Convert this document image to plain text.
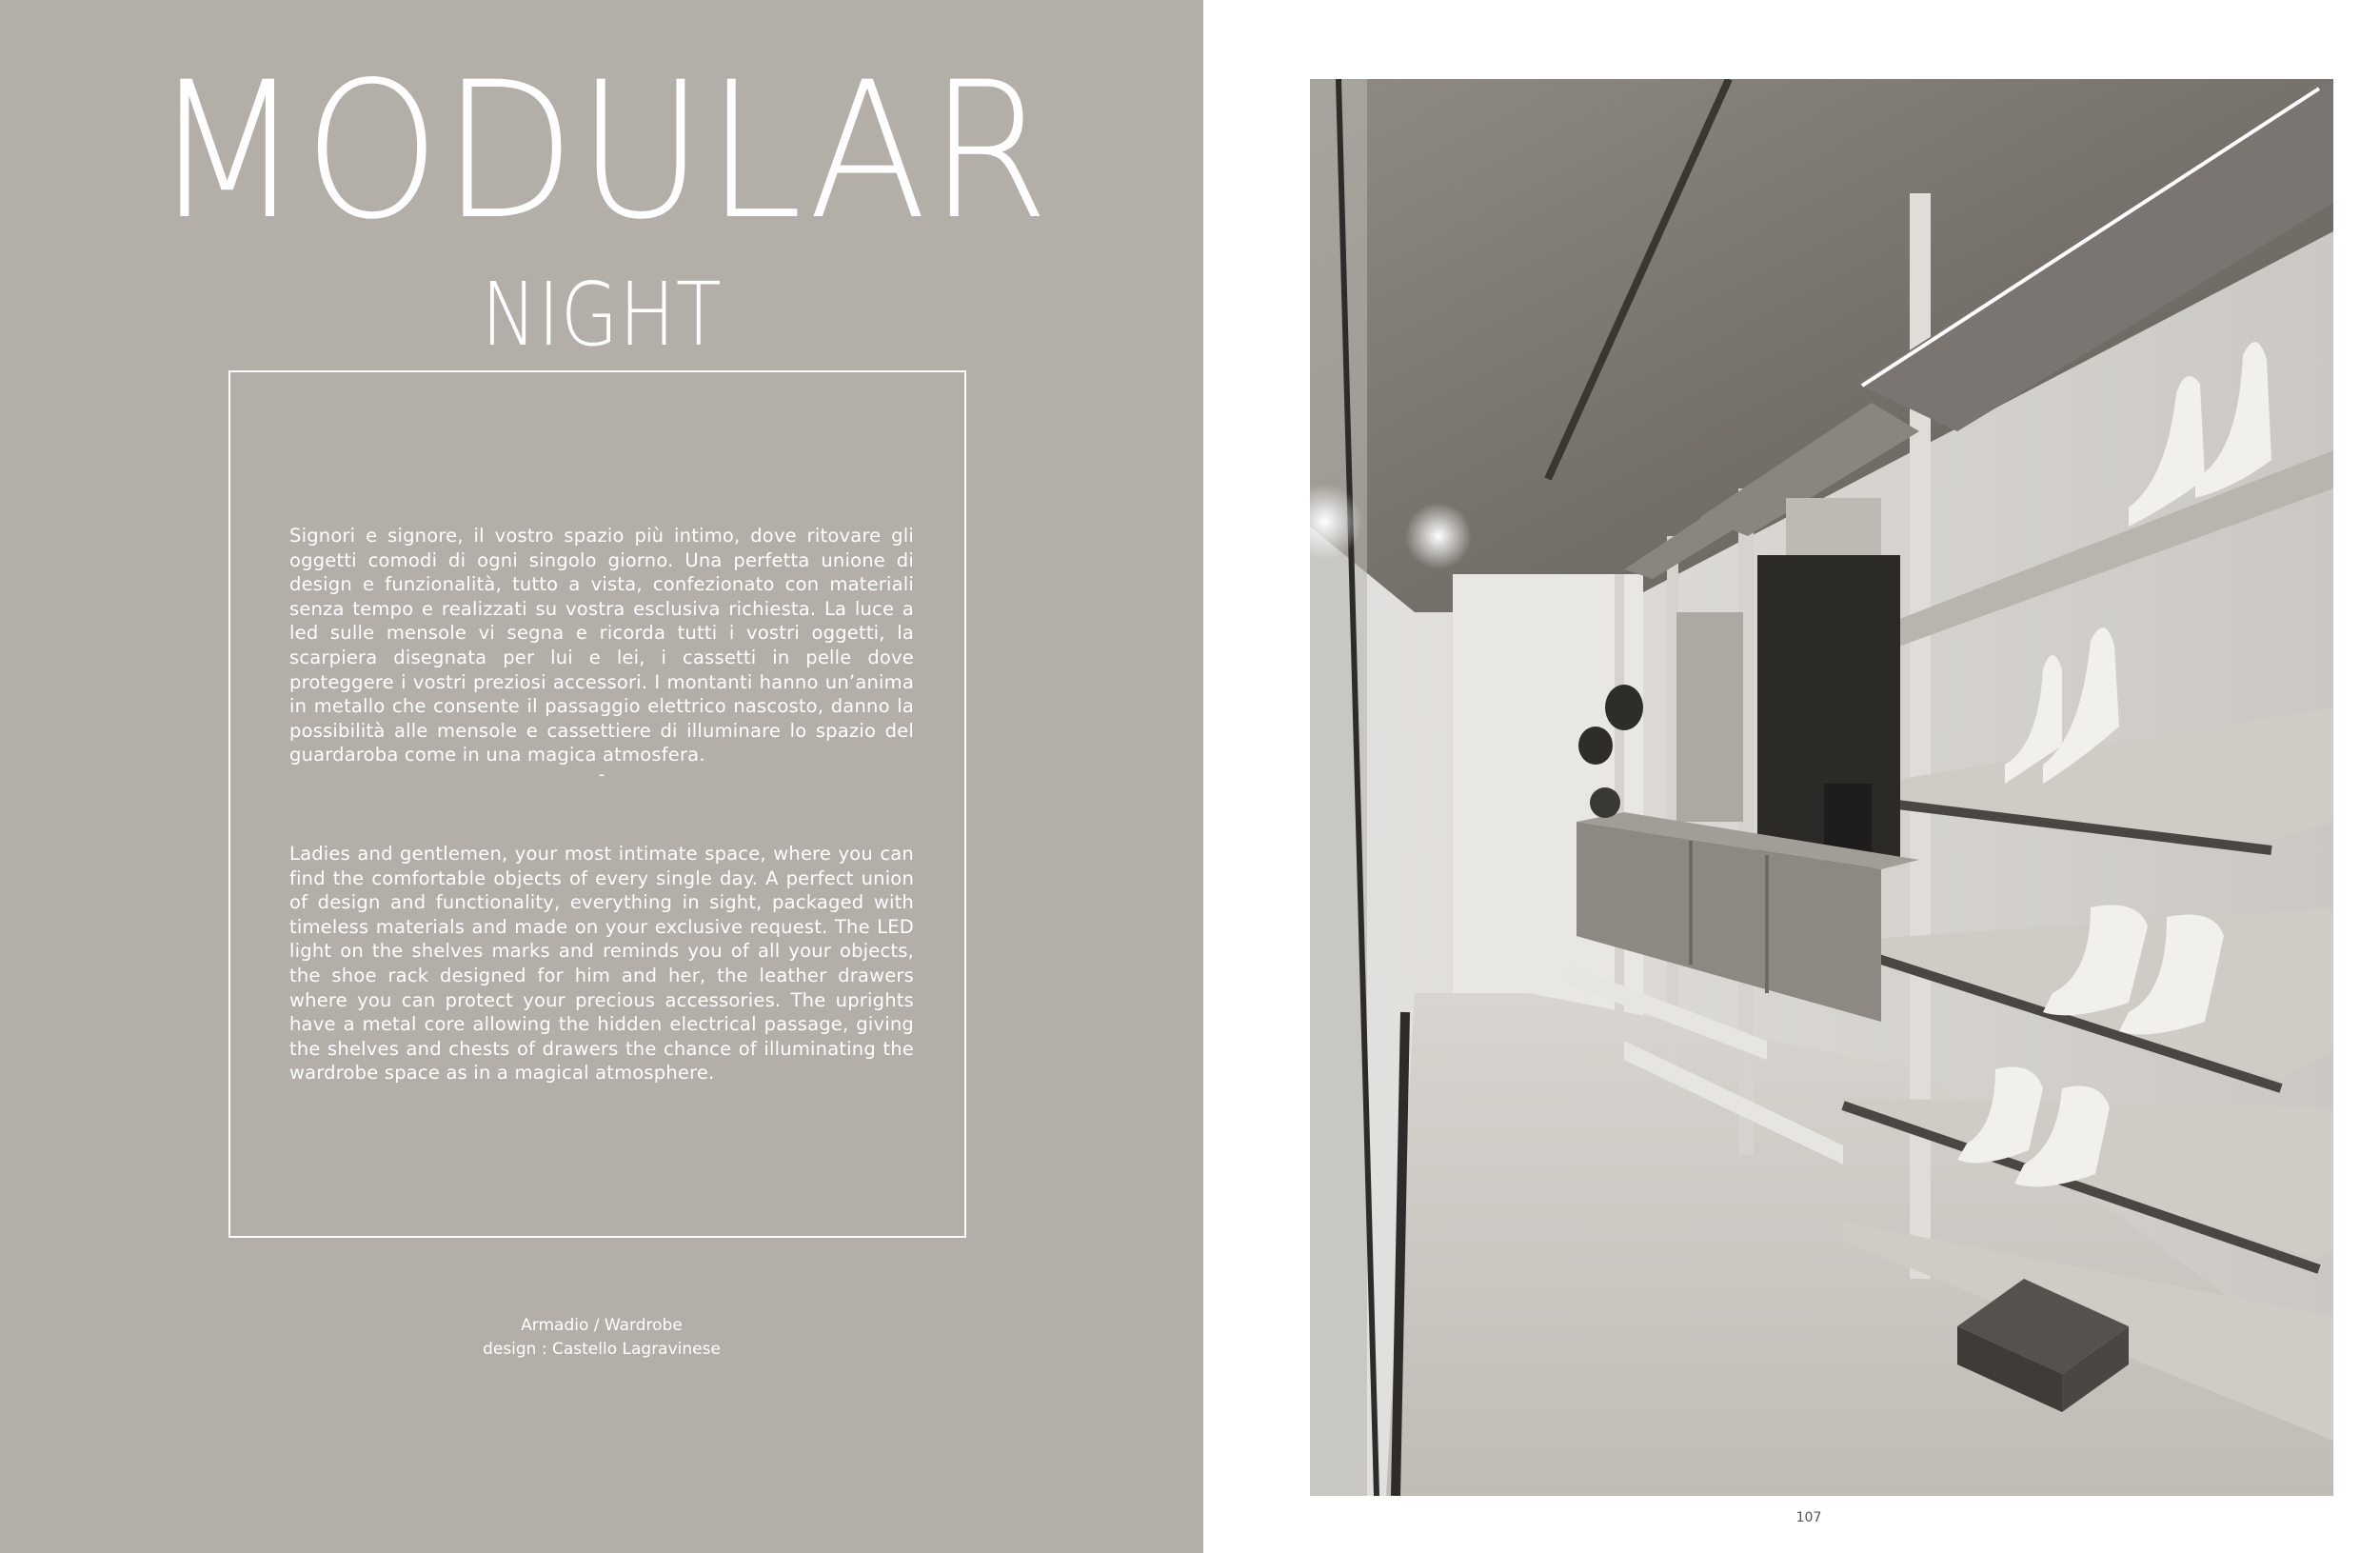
MODULAR
NIGHT

Signori e signore, il vostro spazio più intimo, dove ritovare gli oggetti comodi di ogni singolo giorno. Una perfetta unione di design e funzionalità, tutto a vista, confezionato con materiali senza tempo e realizzati su vostra esclusiva richiesta. La luce a led sulle mensole vi segna e ricorda tutti i vostri oggetti, la scarpiera disegnata per lui e lei, i cassetti in pelle dove proteggere i vostri preziosi accessori. I montanti hanno un’anima in metallo che consente il passaggio elettrico nascosto, danno la possibilità alle mensole e cassettiere di illuminare lo spazio del guardaroba come in una magica atmosfera.

-

Ladies and gentlemen, your most intimate space, where you can find the comfortable objects of every single day. A perfect union of design and functionality, everything in sight, packaged with timeless materials and made on your exclusive request. The LED light on the shelves marks and reminds you of all your objects, the shoe rack designed for him and her, the leather drawers where you can protect your precious accessories. The uprights have a metal core allowing the hidden electrical passage, giving the shelves and chests of drawers the chance of illuminating the wardrobe space as in a magical atmosphere.

Armadio / Wardrobe
design : Castello Lagravinese
107
